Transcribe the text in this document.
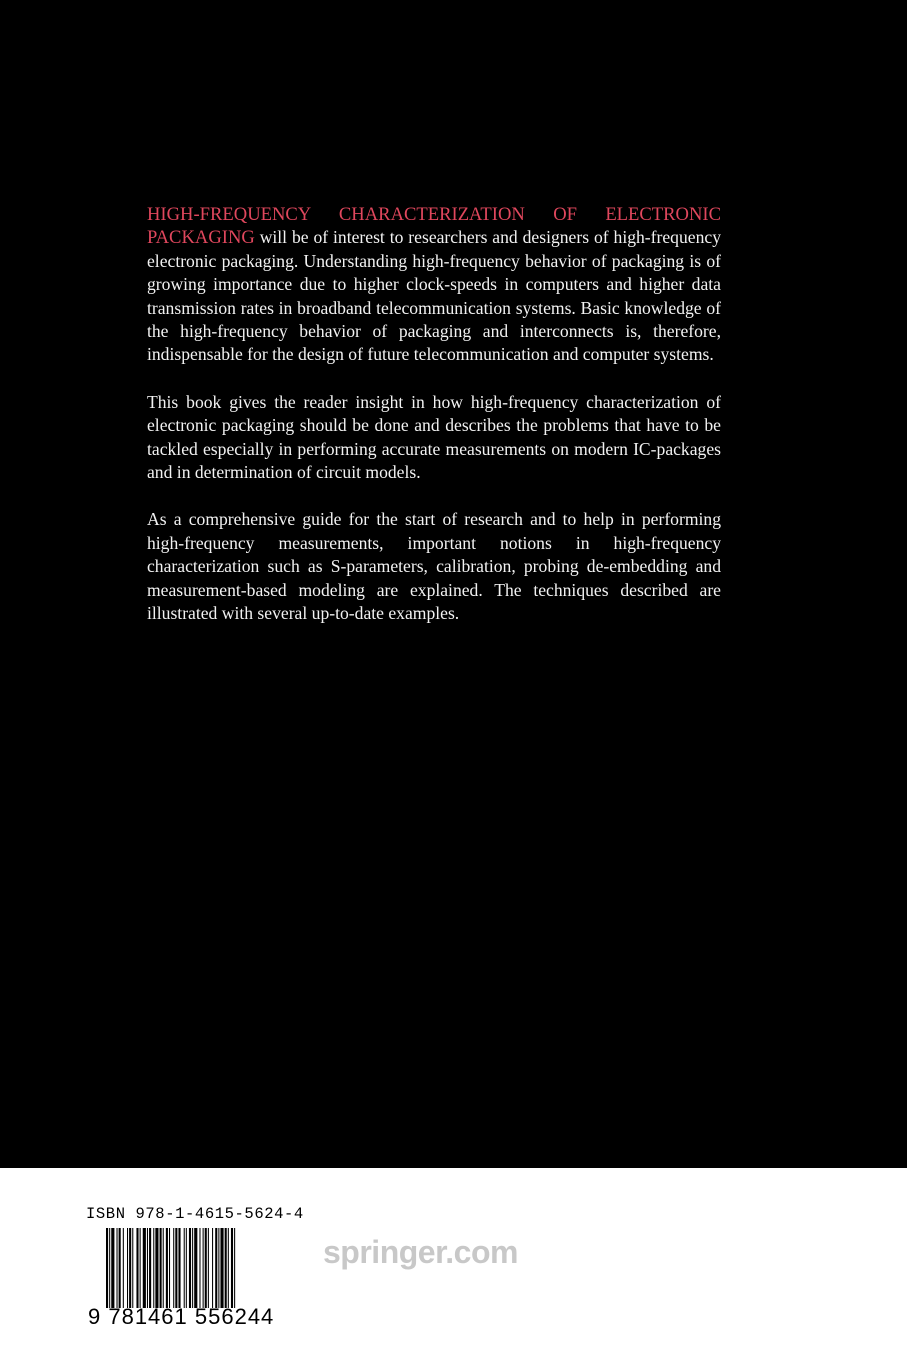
HIGH-FREQUENCY CHARACTERIZATION OF ELECTRONIC PACKAGING will be of interest to researchers and designers of high-frequency electronic packaging. Understanding high-frequency behavior of packaging is of growing importance due to higher clock-speeds in computers and higher data transmission rates in broadband telecommunication systems. Basic knowledge of the high-frequency behavior of packaging and interconnects is, therefore, indispensable for the design of future telecommunication and computer systems.

This book gives the reader insight in how high-frequency characterization of electronic packaging should be done and describes the problems that have to be tackled especially in performing accurate measurements on modern IC-packages and in determination of circuit models.

As a comprehensive guide for the start of research and to help in performing high-frequency measurements, important notions in high-frequency characterization such as S-parameters, calibration, probing de-embedding and measurement-based modeling are explained. The techniques described are illustrated with several up-to-date examples.

ISBN 978-1-4615-5624-4
9 781461 556244
springer.com
